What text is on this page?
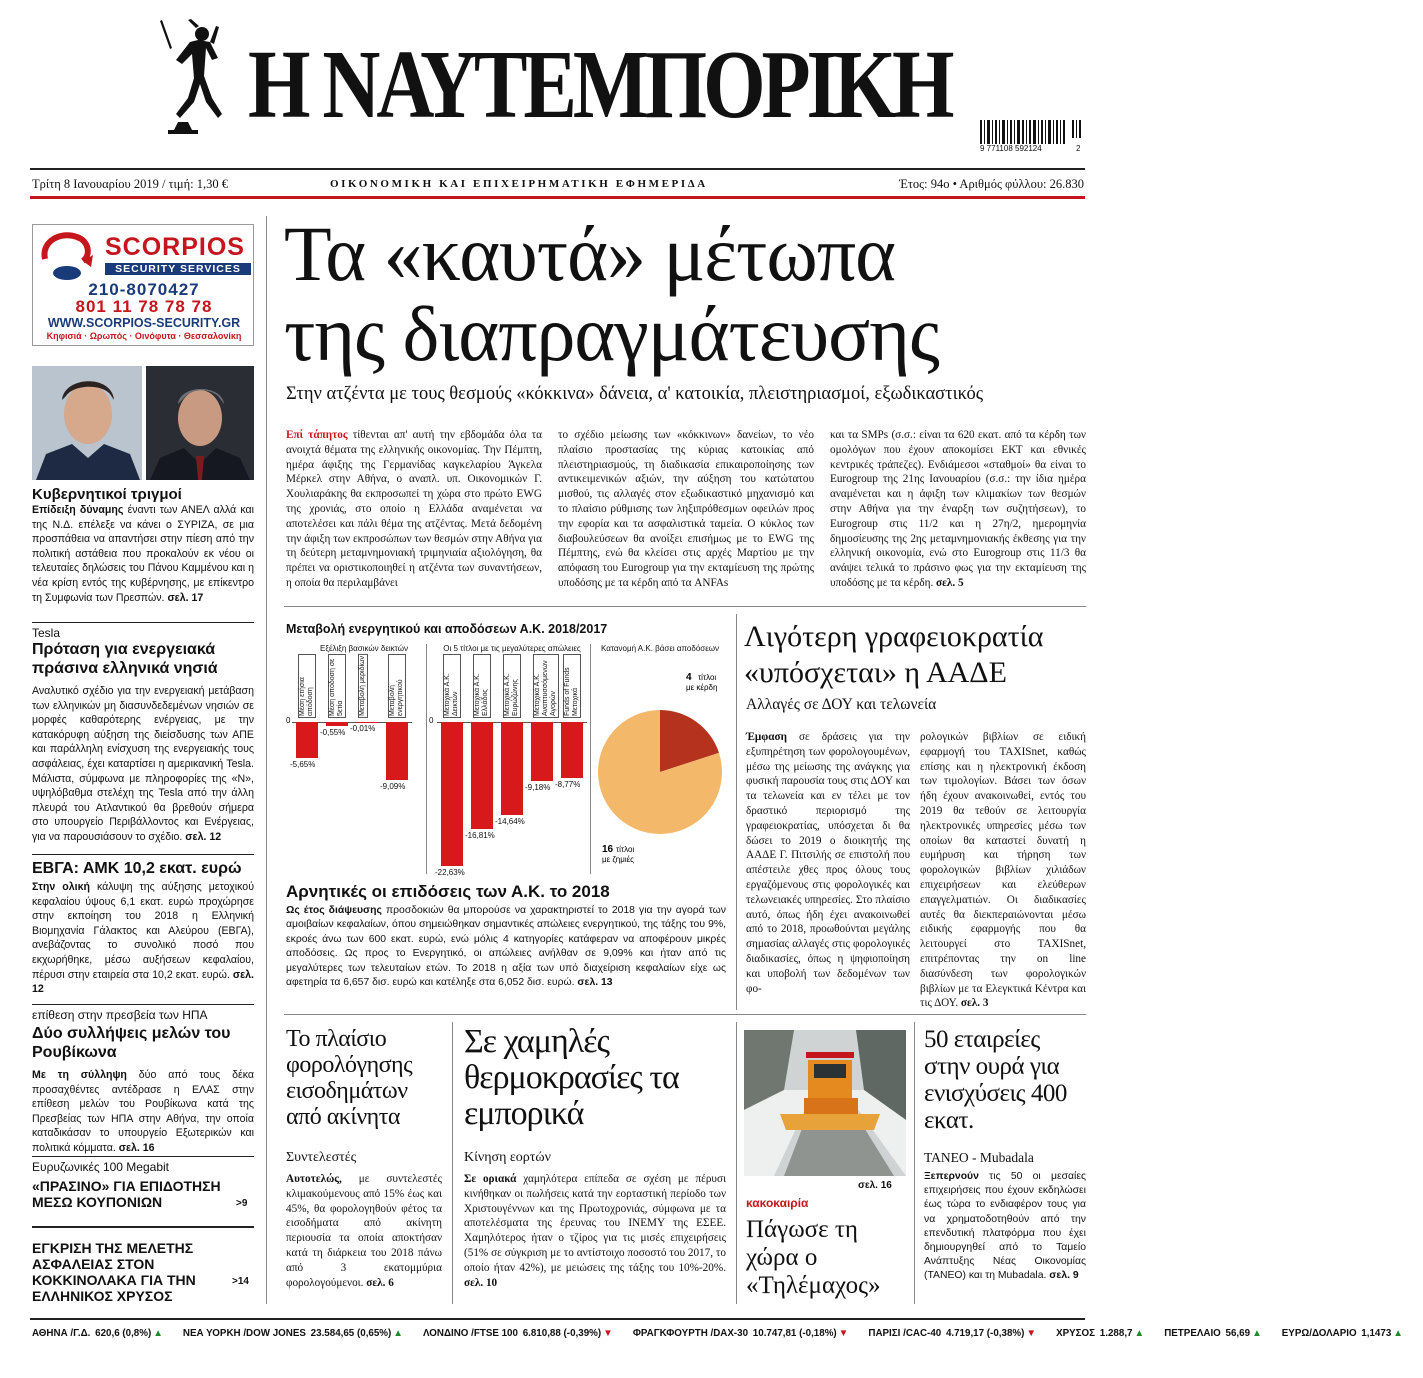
Η ΝΑΥΤΕΜΠΟΡΙΚΗ
9 771108 592124	2
Τρίτη 8 Ιανουαρίου 2019 / τιμή: 1,30 €	ΟΙΚΟΝΟΜΙΚΗ ΚΑΙ ΕΠΙΧΕΙΡΗΜΑΤΙΚΗ ΕΦΗΜΕΡΙΔΑ	Έτος: 94ο • Αριθμός φύλλου: 26.830
SCORPIOS
SECURITY SERVICES
210-8070427
801 11 78 78 78
WWW.SCORPIOS-SECURITY.GR
Κηφισιά · Ωρωπός · Οινόφυτα · Θεσσαλονίκη
Κυβερνητικοί τριγμοί

Επίδειξη δύναμης έναντι των ΑΝΕΛ αλλά και της Ν.Δ. επέλεξε να κάνει ο ΣΥΡΙΖΑ, σε μια προσπάθεια να απαντήσει στην πίεση από την πολιτική αστάθεια που προκαλούν εκ νέου οι τελευταίες δηλώσεις του Πάνου Καμμένου και η νέα κρίση εντός της κυβέρνησης, με επίκεντρο τη Συμφωνία των Πρεσπών. σελ. 17

Tesla
Πρόταση για ενεργειακά πράσινα ελληνικά νησιά

Αναλυτικό σχέδιο για την ενεργειακή μετάβαση των ελληνικών μη διασυνδεδεμένων νησιών σε μορφές καθαρότερης ενέργειας, με την κατακόρυφη αύξηση της διείσδυσης των ΑΠΕ και παράλληλη ενίσχυση της ενεργειακής τους ασφάλειας, έχει καταρτίσει η αμερικανική Tesla. Μάλιστα, σύμφωνα με πληροφορίες της «Ν», υψηλόβαθμα στελέχη της Tesla από την άλλη πλευρά του Ατλαντικού θα βρεθούν σήμερα στο υπουργείο Περιβάλλοντος και Ενέργειας, για να παρουσιάσουν το σχέδιο. σελ. 12

ΕΒΓΑ: ΑΜΚ 10,2 εκατ. ευρώ

Στην ολική κάλυψη της αύξησης μετοχικού κεφαλαίου ύψους 6,1 εκατ. ευρώ προχώρησε στην εκποίηση του 2018 η Ελληνική Βιομηχανία Γάλακτος και Αλεύρου (ΕΒΓΑ), ανεβάζοντας το συνολικό ποσό που εκχωρήθηκε, μέσω αυξήσεων κεφαλαίου, πέρυσι στην εταιρεία στα 10,2 εκατ. ευρώ. σελ. 12

επίθεση στην πρεσβεία των ΗΠΑ
Δύο συλλήψεις μελών του Ρουβίκωνα

Με τη σύλληψη δύο από τους δέκα προσαχθέντες αντέδρασε η ΕΛΑΣ στην επίθεση μελών του Ρουβίκωνα κατά της Πρεσβείας των ΗΠΑ στην Αθήνα, την οποία καταδικάσαν το υπουργείο Εξωτερικών και πολιτικά κόμματα. σελ. 16

Ευρυζωνικές 100 Megabit
«ΠΡΑΣΙΝΟ» ΓΙΑ ΕΠΙΔΟΤΗΣΗ ΜΕΣΩ ΚΟΥΠΟΝΙΩΝ	>9
ΕΓΚΡΙΣΗ ΤΗΣ ΜΕΛΕΤΗΣ ΑΣΦΑΛΕΙΑΣ ΣΤΟΝ ΚΟΚΚΙΝΟΛΑΚΑ ΓΙΑ ΤΗΝ ΕΛΛΗΝΙΚΟΣ ΧΡΥΣΟΣ
>14
Τα «καυτά» μέτωπα
της διαπραγμάτευσης
Στην ατζέντα με τους θεσμούς «κόκκινα» δάνεια, α' κατοικία, πλειστηριασμοί, εξωδικαστικός

Επί τάπητος τίθενται απ' αυτή την εβδομάδα όλα τα ανοιχτά θέματα της ελληνικής οικονομίας. Την Πέμπτη, ημέρα άφιξης της Γερμανίδας καγκελαρίου Άγκελα Μέρκελ στην Αθήνα, ο αναπλ. υπ. Οικονομικών Γ. Χουλιαράκης θα εκπροσωπεί τη χώρα στο πρώτο EWG της χρονιάς, στο οποίο η Ελλάδα αναμένεται να αποτελέσει και πάλι θέμα της ατζέντας. Μετά δεδομένη την άφιξη των εκπροσώπων των θεσμών στην Αθήνα για τη δεύτερη μεταμνημονιακή τριμηνιαία αξιολόγηση, θα πρέπει να οριστικοποιηθεί η ατζέντα των συναντήσεων, η οποία θα περιλαμβάνει

το σχέδιο μείωσης των «κόκκινων» δανείων, το νέο πλαίσιο προστασίας της κύριας κατοικίας από πλειστηριασμούς, τη διαδικασία επικαιροποίησης των αντικειμενικών αξιών, την αύξηση του κατώτατου μισθού, τις αλλαγές στον εξωδικαστικό μηχανισμό και το πλαίσιο ρύθμισης των ληξιπρόθεσμων οφειλών προς την εφορία και τα ασφαλιστικά ταμεία. Ο κύκλος των διαβουλεύσεων θα ανοίξει επισήμως με το EWG της Πέμπτης, ενώ θα κλείσει στις αρχές Μαρτίου με την απόφαση του Eurogroup για την εκταμίευση της πρώτης υποδόσης με τα κέρδη από τα ANFAs

και τα SMPs (σ.σ.: είναι τα 620 εκατ. από τα κέρδη των ομολόγων που έχουν αποκομίσει ΕΚΤ και εθνικές κεντρικές τράπεζες). Ενδιάμεσοι «σταθμοί» θα είναι το Eurogroup της 21ης Ιανουαρίου (σ.σ.: την ίδια ημέρα αναμένεται και η άφιξη των κλιμακίων των θεσμών στην Αθήνα για την έναρξη των συζητήσεων), το Eurogroup στις 11/2 και η 27η/2, ημερομηνία δημοσίευσης της 2ης μεταμνημονιακής έκθεσης για την ελληνική οικονομία, ενώ στο Eurogroup στις 11/3 θα ανάψει τελικά το πράσινο φως για την εκταμίευση της υποδόσης με τα κέρδη. σελ. 5

Μεταβολή ενεργητικού και αποδόσεων Α.Κ. 2018/2017
Εξέλιξη βασικών δεικτών	Οι 5 τίτλοι με τις μεγαλύτερες απώλειες	Κατανομή Α.Κ. βάσει αποδόσεων
0
-5,65%
Μέση ετήσια απόδοση
-0,55%
Μέση απόδοση σε 5ετία
-0,01%
Μεταβολή μεριδίων
-9,09%
Μεταβολή ενεργητικού
0
-22,63%
Μετοχικά Α.Κ. Δεικτών
-16,81%
Μετοχικά Α.Κ. Ελλάδος
-14,64%
Μετοχικά Α.Κ. Ευρώζώνης
-9,18%
Μετοχικά Α.Κ. Αναπτυσσόμενων Αγορών
-8,77%
Funds of Funds Μετοχικά
4 τίτλοι
με κέρδη
16 τίτλοι
με ζημιές
Αρνητικές οι επιδόσεις των Α.Κ. το 2018

Ως έτος διάψευσης προσδοκιών θα μπορούσε να χαρακτηριστεί το 2018 για την αγορά των αμοιβαίων κεφαλαίων, όπου σημειώθηκαν σημαντικές απώλειες ενεργητικού, της τάξης του 9%, εκροές άνω των 600 εκατ. ευρώ, ενώ μόλις 4 κατηγορίες κατάφεραν να αποφέρουν μικρές αποδόσεις. Ως προς το Ενεργητικό, οι απώλειες ανήλθαν σε 9,09% και ήταν από τις μεγαλύτερες των τελευταίων ετών. Το 2018 η αξία των υπό διαχείριση κεφαλαίων είχε ως αφετηρία τα 6,657 δισ. ευρώ και κατέληξε στα 6,052 δισ. ευρώ. σελ. 13

Λιγότερη γραφειοκρατία
«υπόσχεται» η ΑΑΔΕ
Αλλαγές σε ΔΟΥ και τελωνεία

Έμφαση σε δράσεις για την εξυπηρέτηση των φορολογουμένων, μέσω της μείωσης της ανάγκης για φυσική παρουσία τους στις ΔΟΥ και τα τελωνεία και εν τέλει με τον δραστικό περιορισμό της γραφειοκρατίας, υπόσχεται δι θα δώσει το 2019 ο διοικητής της ΑΑΔΕ Γ. Πιτσιλής σε επιστολή που απέστειλε χθες προς όλους τους εργαζόμενους στις φορολογικές και τελωνειακές υπηρεσίες. Στο πλαίσιο αυτό, όπως ήδη έχει ανακοινωθεί από το 2018, προωθούνται μεγάλης σημασίας αλλαγές στις φορολογικές διαδικασίες, όπως η ψηφιοποίηση και υποβολή των δεδομένων των φο-

ρολογικών βιβλίων σε ειδική εφαρμογή του TAXISnet, καθώς επίσης και η ηλεκτρονική έκδοση των τιμολογίων. Βάσει των όσων ήδη έχουν ανακοινωθεί, εντός του 2019 θα τεθούν σε λειτουργία ηλεκτρονικές υπηρεσίες μέσω των οποίων θα καταστεί δυνατή η ευμήρυση και τήρηση των φορολογικών βιβλίων χιλιάδων επιχειρήσεων και ελεύθερων επαγγελματιών. Οι διαδικασίες αυτές θα διεκπεραιώνονται μέσω ειδικής εφαρμογής που θα λειτουργεί στο TAXISnet, επιτρέποντας την on line διασύνδεση των φορολογικών βιβλίων με τα Ελεγκτικά Κέντρα και τις ΔΟΥ. σελ. 3

Το πλαίσιο φορολόγησης εισοδημάτων από ακίνητα
Συντελεστές

Αυτοτελώς, με συντελεστές κλιμακούμενους από 15% έως και 45%, θα φορολογηθούν φέτος τα εισοδήματα από ακίνητη περιουσία τα οποία αποκτήσαν κατά τη διάρκεια του 2018 πάνω από 3 εκατομμύρια φορολογούμενοι. σελ. 6

Σε χαμηλές θερμοκρασίες τα εμπορικά
Κίνηση εορτών

Σε οριακά χαμηλότερα επίπεδα σε σχέση με πέρυσι κινήθηκαν οι πωλήσεις κατά την εορταστική περίοδο των Χριστουγέννων και της Πρωτοχρονιάς, σύμφωνα με τα αποτελέσματα της έρευνας του ΙΝΕΜΥ της ΕΣΕΕ. Χαμηλότερος ήταν ο τζίρος για τις μισές επιχειρήσεις (51% σε σύγκριση με το αντίστοιχο ποσοστό του 2017, το οποίο ήταν 42%), με μειώσεις της τάξης του 10%-20%. σελ. 10

σελ. 16
κακοκαιρία
Πάγωσε τη χώρα ο «Τηλέμαχος»
50 εταιρείες στην ουρά για ενισχύσεις 400 εκατ.
ΤΑΝΕΟ - Mubadala

Ξεπερνούν τις 50 οι μεσαίες επιχειρήσεις που έχουν εκδηλώσει έως τώρα το ενδιαφέρον τους για να χρηματοδοτηθούν από την επενδυτική πλατφόρμα που έχει δημιουργηθεί από το Ταμείο Ανάπτυξης Νέας Οικονομίας (ΤΑΝΕΟ) και τη Mubadala. σελ. 9

ΑΘΗΝΑ /Γ.Δ. 620,6 (0,8%) ▲ ΝΕΑ ΥΟΡΚΗ /DOW JONES 23.584,65 (0,65%) ▲ ΛΟΝΔΙΝΟ /FTSE 100 6.810,88 (-0,39%) ▼ ΦΡΑΓΚΦΟΥΡΤΗ /DAX-30 10.747,81 (-0,18%) ▼ ΠΑΡΙΣΙ /CAC-40 4.719,17 (-0,38%) ▼ ΧΡΥΣΟΣ 1.288,7 ▲ ΠΕΤΡΕΛΑΙΟ 56,69 ▲ ΕΥΡΩ/ΔΟΛΑΡΙΟ 1,1473 ▲
